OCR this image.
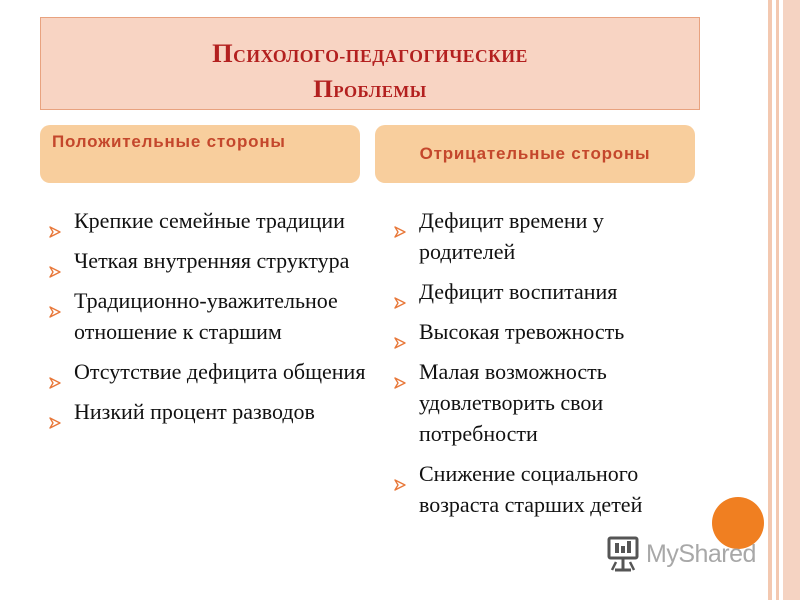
ПСИХОЛОГО-ПЕДАГОГИЧЕСКИЕ
ПРОБЛЕМЫ
Положительные стороны
Отрицательные стороны
Крепкие семейные традиции
Четкая внутренняя структура
Традиционно-уважительное отношение к старшим
Отсутствие дефицита общения
Низкий процент разводов
Дефицит времени у родителей
Дефицит воспитания
Высокая тревожность
Малая возможность удовлетворить свои потребности
Снижение социального возраста старших детей
MyShared
